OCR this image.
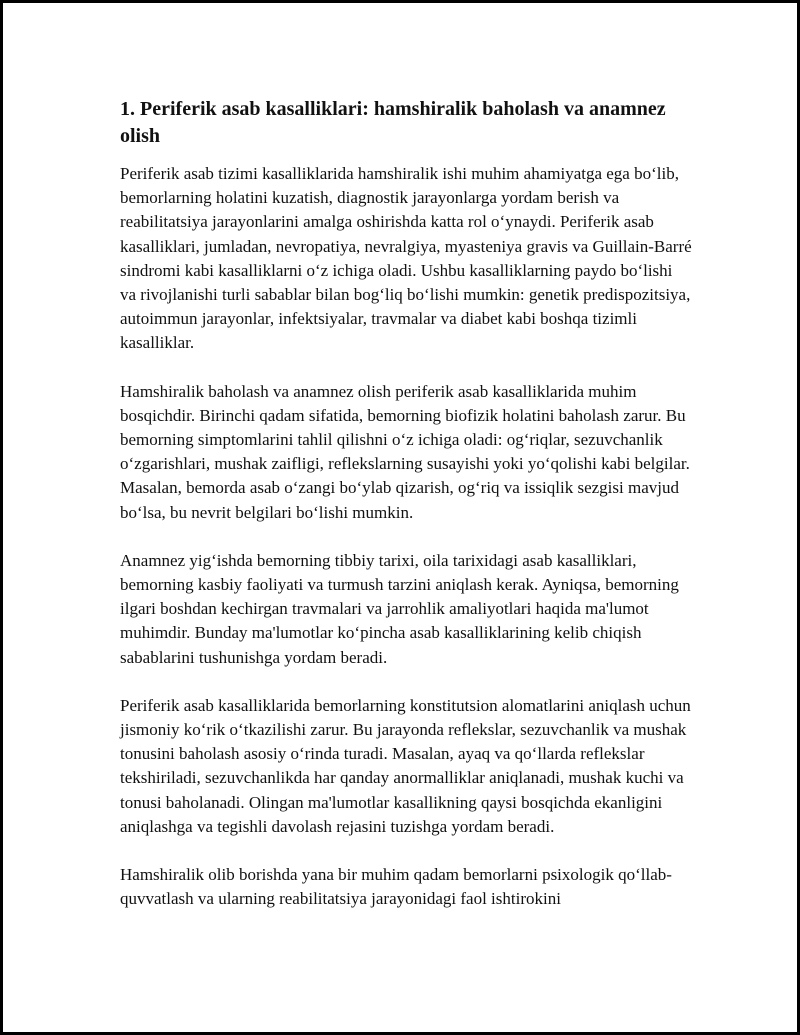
1. Periferik asab kasalliklari: hamshiralik baholash va anamnez olish

Periferik asab tizimi kasalliklarida hamshiralik ishi muhim ahamiyatga ega bo‘lib, bemorlarning holatini kuzatish, diagnostik jarayonlarga yordam berish va reabilitatsiya jarayonlarini amalga oshirishda katta rol o‘ynaydi. Periferik asab kasalliklari, jumladan, nevropatiya, nevralgiya, myasteniya gravis va Guillain-Barré sindromi kabi kasalliklarni o‘z ichiga oladi. Ushbu kasalliklarning paydo bo‘lishi va rivojlanishi turli sabablar bilan bog‘liq bo‘lishi mumkin: genetik predispozitsiya, autoimmun jarayonlar, infektsiyalar, travmalar va diabet kabi boshqa tizimli kasalliklar.

Hamshiralik baholash va anamnez olish periferik asab kasalliklarida muhim bosqichdir. Birinchi qadam sifatida, bemorning biofizik holatini baholash zarur. Bu bemorning simptomlarini tahlil qilishni o‘z ichiga oladi: og‘riqlar, sezuvchanlik o‘zgarishlari, mushak zaifligi, reflekslarning susayishi yoki yo‘qolishi kabi belgilar. Masalan, bemorda asab o‘zangi bo‘ylab qizarish, og‘riq va issiqlik sezgisi mavjud bo‘lsa, bu nevrit belgilari bo‘lishi mumkin.

Anamnez yig‘ishda bemorning tibbiy tarixi, oila tarixidagi asab kasalliklari, bemorning kasbiy faoliyati va turmush tarzini aniqlash kerak. Ayniqsa, bemorning ilgari boshdan kechirgan travmalari va jarrohlik amaliyotlari haqida ma'lumot muhimdir. Bunday ma'lumotlar ko‘pincha asab kasalliklarining kelib chiqish sabablarini tushunishga yordam beradi.

Periferik asab kasalliklarida bemorlarning konstitutsion alomatlarini aniqlash uchun jismoniy ko‘rik o‘tkazilishi zarur. Bu jarayonda reflekslar, sezuvchanlik va mushak tonusini baholash asosiy o‘rinda turadi. Masalan, ayaq va qo‘llarda reflekslar tekshiriladi, sezuvchanlikda har qanday anormalliklar aniqlanadi, mushak kuchi va tonusi baholanadi. Olingan ma'lumotlar kasallikning qaysi bosqichda ekanligini aniqlashga va tegishli davolash rejasini tuzishga yordam beradi.

Hamshiralik olib borishda yana bir muhim qadam bemorlarni psixologik qo‘llab-quvvatlash va ularning reabilitatsiya jarayonidagi faol ishtirokini
